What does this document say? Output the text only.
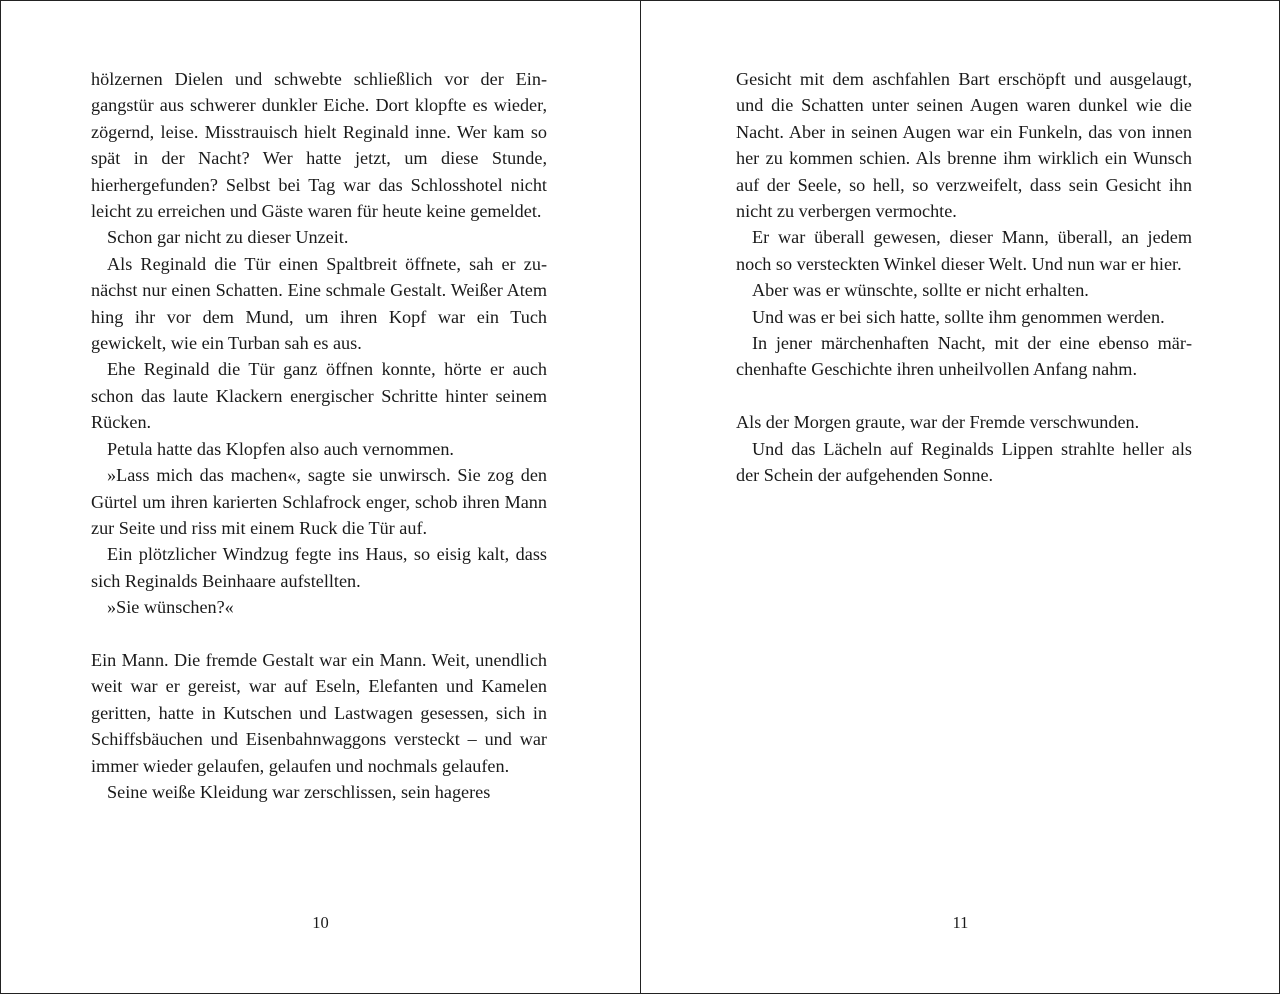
hölzernen Dielen und schwebte schließlich vor der Eingangstür aus schwerer dunkler Eiche. Dort klopfte es wieder, zögernd, leise. Misstrauisch hielt Reginald inne. Wer kam so spät in der Nacht? Wer hatte jetzt, um diese Stunde, hierhergefunden? Selbst bei Tag war das Schlosshotel nicht leicht zu erreichen und Gäste waren für heute keine gemeldet.

Schon gar nicht zu dieser Unzeit.

Als Reginald die Tür einen Spaltbreit öffnete, sah er zunächst nur einen Schatten. Eine schmale Gestalt. Weißer Atem hing ihr vor dem Mund, um ihren Kopf war ein Tuch gewickelt, wie ein Turban sah es aus.

Ehe Reginald die Tür ganz öffnen konnte, hörte er auch schon das laute Klackern energischer Schritte hinter seinem Rücken.

Petula hatte das Klopfen also auch vernommen.

»Lass mich das machen«, sagte sie unwirsch. Sie zog den Gürtel um ihren karierten Schlafrock enger, schob ihren Mann zur Seite und riss mit einem Ruck die Tür auf.

Ein plötzlicher Windzug fegte ins Haus, so eisig kalt, dass sich Reginalds Beinhaare aufstellten.

»Sie wünschen?«

Ein Mann. Die fremde Gestalt war ein Mann. Weit, unendlich weit war er gereist, war auf Eseln, Elefanten und Kamelen geritten, hatte in Kutschen und Lastwagen gesessen, sich in Schiffsbäuchen und Eisenbahnwaggons versteckt – und war immer wieder gelaufen, gelaufen und nochmals gelaufen.

Seine weiße Kleidung war zerschlissen, sein hageres

10

Gesicht mit dem aschfahlen Bart erschöpft und ausgelaugt, und die Schatten unter seinen Augen waren dunkel wie die Nacht. Aber in seinen Augen war ein Funkeln, das von innen her zu kommen schien. Als brenne ihm wirklich ein Wunsch auf der Seele, so hell, so verzweifelt, dass sein Gesicht ihn nicht zu verbergen vermochte.

Er war überall gewesen, dieser Mann, überall, an jedem noch so versteckten Winkel dieser Welt. Und nun war er hier.

Aber was er wünschte, sollte er nicht erhalten.

Und was er bei sich hatte, sollte ihm genommen werden.

In jener märchenhaften Nacht, mit der eine ebenso märchenhafte Geschichte ihren unheilvollen Anfang nahm.

Als der Morgen graute, war der Fremde verschwunden.

Und das Lächeln auf Reginalds Lippen strahlte heller als der Schein der aufgehenden Sonne.

11
